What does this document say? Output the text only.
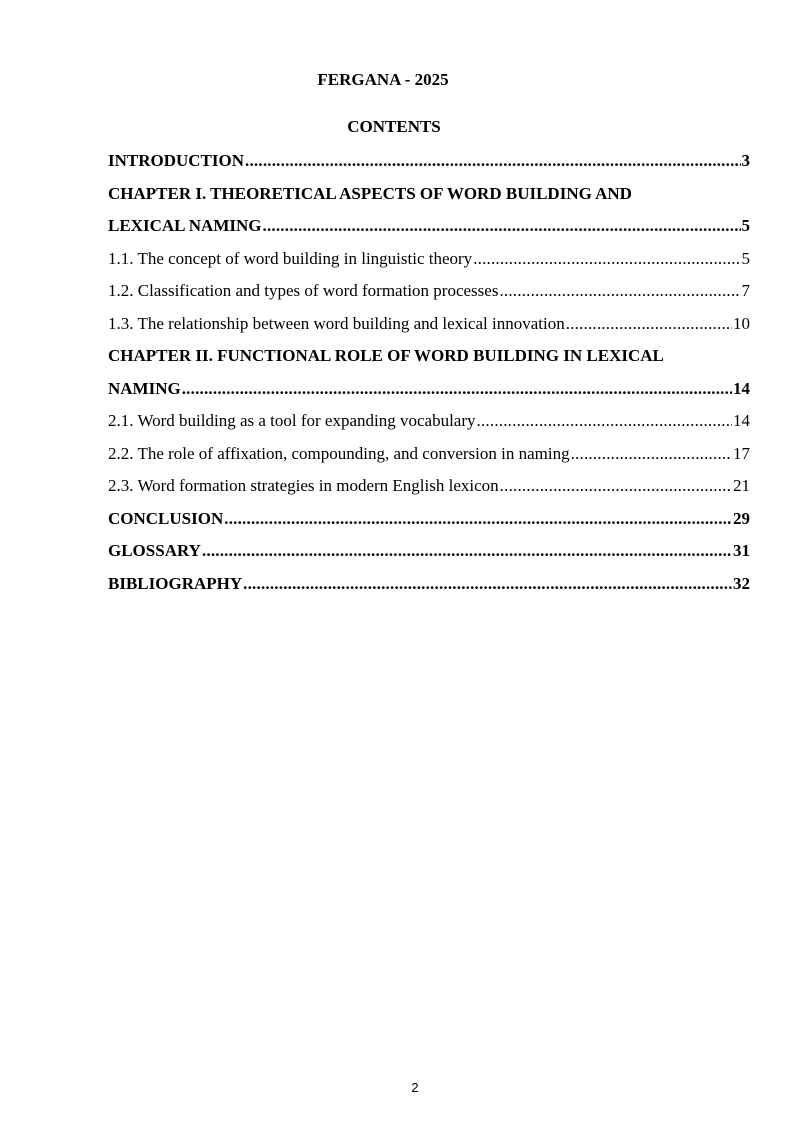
FERGANA - 2025
CONTENTS
INTRODUCTION .....	3
CHAPTER I. THEORETICAL ASPECTS OF WORD BUILDING AND
LEXICAL NAMING .....	5
1.1. The concept of word building in linguistic theory .....	5
1.2. Classification and types of word formation processes .....	7
1.3. The relationship between word building and lexical innovation .....	10
CHAPTER II. FUNCTIONAL ROLE OF WORD BUILDING IN LEXICAL
NAMING .....	14
2.1. Word building as a tool for expanding vocabulary .....	14
2.2. The role of affixation, compounding, and conversion in naming .....	17
2.3. Word formation strategies in modern English lexicon .....	21
CONCLUSION .....	29
GLOSSARY .....	31
BIBLIOGRAPHY .....	32
2
